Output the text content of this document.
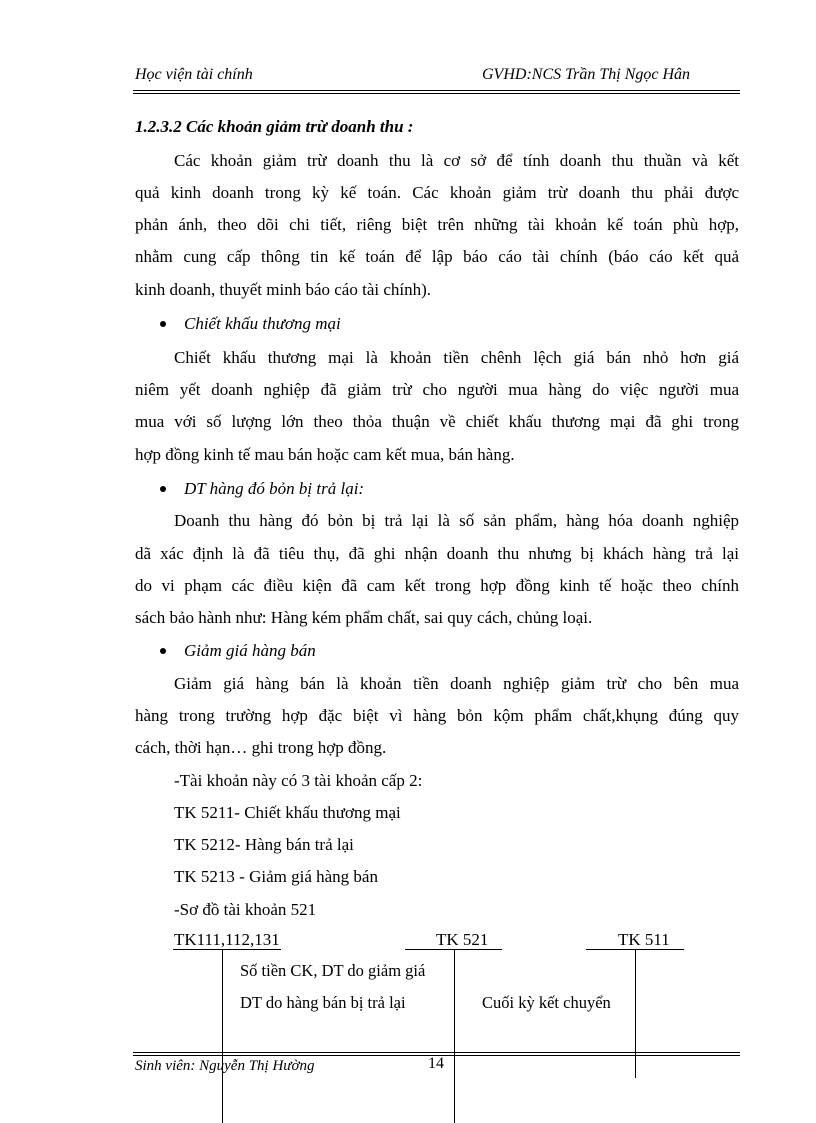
Học viện tài chính	GVHD:NCS Trần Thị Ngọc Hân
1.2.3.2 Các khoản giảm trừ doanh thu :
Các khoản giảm trừ doanh thu là cơ sở để tính doanh thu thuần và kết
quả kinh doanh trong kỳ kế toán. Các khoản giảm trừ doanh thu phải được
phản ánh, theo dõi chi tiết, riêng biệt trên những tài khoản kế toán phù hợp,
nhằm cung cấp thông tin kế toán để lập báo cáo tài chính (báo cáo kết quả
kinh doanh, thuyết minh báo cáo tài chính).
Chiết khấu thương mại
Chiết khấu thương mại là khoản tiền chênh lệch giá bán nhỏ hơn giá
niêm yết doanh nghiệp đã giảm trừ cho người mua hàng do việc người mua
mua với số lượng lớn theo thỏa thuận về chiết khấu thương mại đã ghi trong
hợp đồng kinh tế mau bán hoặc cam kết mua, bán hàng.
DT hàng đó bỏn bị trả lại:
Doanh thu hàng đó bỏn bị trả lại là số sản phẩm, hàng hóa doanh nghiệp
dã xác định là đã tiêu thụ, đã ghi nhận doanh thu nhưng bị khách hàng trả lại
do vi phạm các điều kiện đã cam kết trong hợp đồng kinh tế hoặc theo chính
sách bảo hành như: Hàng kém phẩm chất, sai quy cách, chủng loại.
Giảm giá hàng bán
Giảm giá hàng bán là khoản tiền doanh nghiệp giảm trừ cho bên mua
hàng trong trường hợp đặc biệt vì hàng bỏn kộm phẩm chất,khụng đúng quy
cách, thời hạn… ghi trong hợp đồng.
-Tài khoản này có 3 tài khoản cấp 2:
TK 5211- Chiết khấu thương mại
TK 5212- Hàng bán trả lại
TK 5213 - Giảm giá hàng bán
-Sơ đồ tài khoản 521
TK111,112,131	TK 521	TK 511
Số tiền CK, DT do giảm giá
DT do hàng bán bị trả lại	Cuối kỳ kết chuyển
Sinh viên: Nguyễn Thị Hường	14
